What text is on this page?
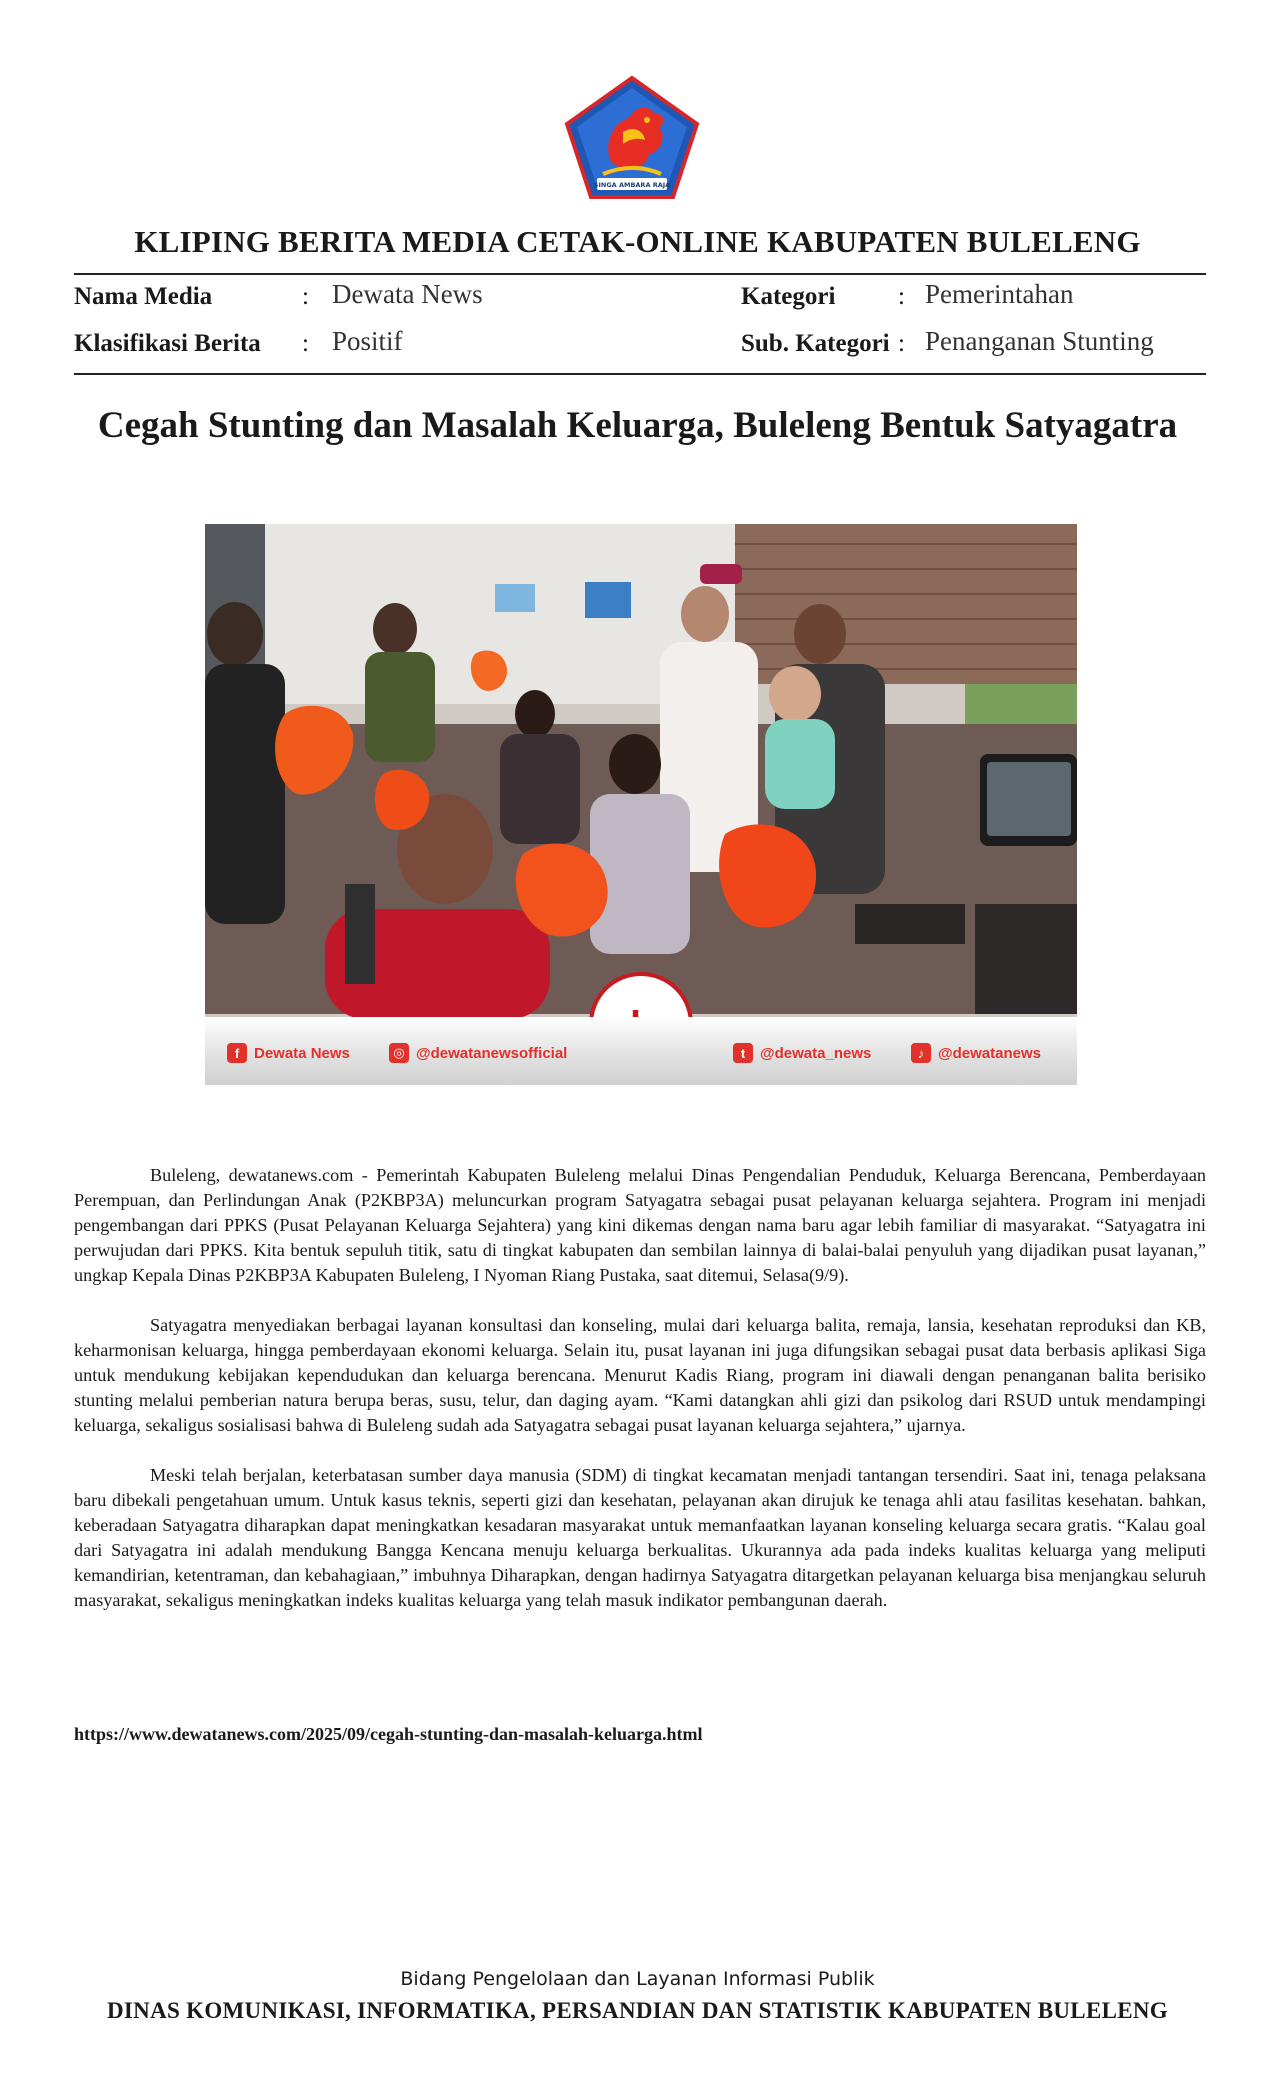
SINGA AMBARA RAJA
KLIPING BERITA MEDIA CETAK-ONLINE KABUPATEN BULELENG
Nama Media	: Dewata News
Klasifikasi Berita : Positif
Kategori	: Pemerintahan
Sub. Kategori : Penanganan Stunting
Cegah Stunting dan Masalah Keluarga, Buleleng Bentuk Satyagatra
f Dewata News	◎ @dewatanewsofficial	t @dewata_news	♪ @dewatanews

Buleleng, dewatanews.com - Pemerintah Kabupaten Buleleng melalui Dinas Pengendalian Penduduk, Keluarga Berencana, Pemberdayaan Perempuan, dan Perlindungan Anak (P2KBP3A) meluncurkan program Satyagatra sebagai pusat pelayanan keluarga sejahtera. Program ini menjadi pengembangan dari PPKS (Pusat Pelayanan Keluarga Sejahtera) yang kini dikemas dengan nama baru agar lebih familiar di masyarakat. “Satyagatra ini perwujudan dari PPKS. Kita bentuk sepuluh titik, satu di tingkat kabupaten dan sembilan lainnya di balai-balai penyuluh yang dijadikan pusat layanan,” ungkap Kepala Dinas P2KBP3A Kabupaten Buleleng, I Nyoman Riang Pustaka, saat ditemui, Selasa(9/9).

Satyagatra menyediakan berbagai layanan konsultasi dan konseling, mulai dari keluarga balita, remaja, lansia, kesehatan reproduksi dan KB, keharmonisan keluarga, hingga pemberdayaan ekonomi keluarga. Selain itu, pusat layanan ini juga difungsikan sebagai pusat data berbasis aplikasi Siga untuk mendukung kebijakan kependudukan dan keluarga berencana. Menurut Kadis Riang, program ini diawali dengan penanganan balita berisiko stunting melalui pemberian natura berupa beras, susu, telur, dan daging ayam. “Kami datangkan ahli gizi dan psikolog dari RSUD untuk mendampingi keluarga, sekaligus sosialisasi bahwa di Buleleng sudah ada Satyagatra sebagai pusat layanan keluarga sejahtera,” ujarnya.

Meski telah berjalan, keterbatasan sumber daya manusia (SDM) di tingkat kecamatan menjadi tantangan tersendiri. Saat ini, tenaga pelaksana baru dibekali pengetahuan umum. Untuk kasus teknis, seperti gizi dan kesehatan, pelayanan akan dirujuk ke tenaga ahli atau fasilitas kesehatan. bahkan, keberadaan Satyagatra diharapkan dapat meningkatkan kesadaran masyarakat untuk memanfaatkan layanan konseling keluarga secara gratis. “Kalau goal dari Satyagatra ini adalah mendukung Bangga Kencana menuju keluarga berkualitas. Ukurannya ada pada indeks kualitas keluarga yang meliputi kemandirian, ketentraman, dan kebahagiaan,” imbuhnya Diharapkan, dengan hadirnya Satyagatra ditargetkan pelayanan keluarga bisa menjangkau seluruh masyarakat, sekaligus meningkatkan indeks kualitas keluarga yang telah masuk indikator pembangunan daerah.

https://www.dewatanews.com/2025/09/cegah-stunting-dan-masalah-keluarga.html
Bidang Pengelolaan dan Layanan Informasi Publik
DINAS KOMUNIKASI, INFORMATIKA, PERSANDIAN DAN STATISTIK KABUPATEN BULELENG
